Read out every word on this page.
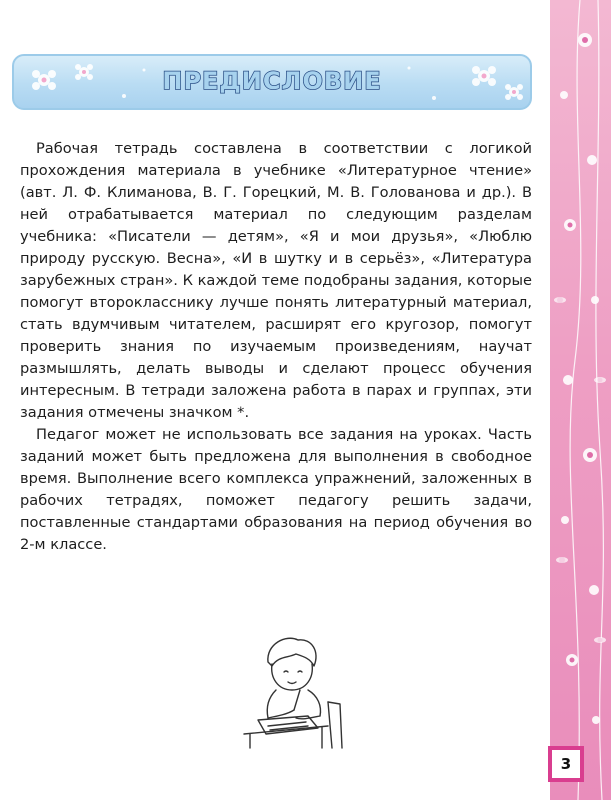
ПРЕДИСЛОВИЕ

Рабочая тетрадь составлена в соответствии с логикой прохождения материала в учебнике «Литературное чтение» (авт. Л. Ф. Климанова, В. Г. Горецкий, М. В. Голованова и др.). В ней отрабатывается материал по следующим разделам учебника: «Писатели — детям», «Я и мои друзья», «Люблю природу русскую. Весна», «И в шутку и в серьёз», «Литература зарубежных стран». К каждой теме подобраны задания, которые помогут второкласснику лучше понять литературный материал, стать вдумчивым читателем, расширят его кругозор, помогут проверить знания по изучаемым произведениям, научат размышлять, делать выводы и сделают процесс обучения интересным. В тетради заложена работа в парах и группах, эти задания отмечены значком *.

Педагог может не использовать все задания на уроках. Часть заданий может быть предложена для выполнения в свободное время. Выполнение всего комплекса упражнений, заложенных в рабочих тетрадях, поможет педагогу решить задачи, поставленные стандартами образования на период обучения во 2-м классе.

3
